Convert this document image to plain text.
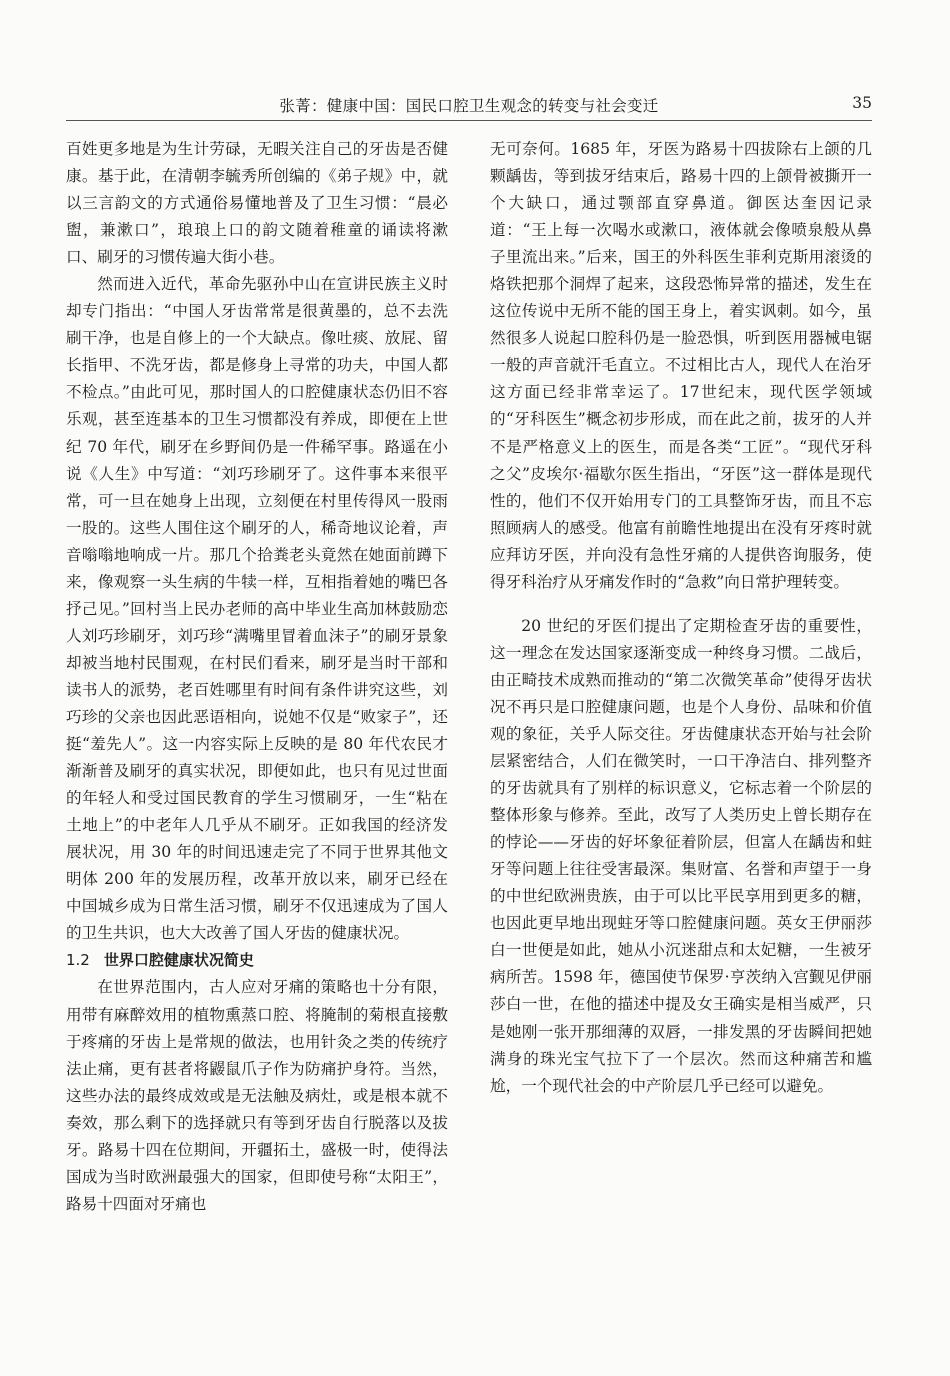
张菁：健康中国：国民口腔卫生观念的转变与社会变迁	35

百姓更多地是为生计劳碌，无暇关注自己的牙齿是否健康。基于此，在清朝李毓秀所创编的《弟子规》中，就以三言韵文的方式通俗易懂地普及了卫生习惯：“晨必盥，兼漱口”，琅琅上口的韵文随着稚童的诵读将漱口、刷牙的习惯传遍大街小巷。

然而进入近代，革命先驱孙中山在宣讲民族主义时却专门指出：“中国人牙齿常常是很黄墨的，总不去洗刷干净，也是自修上的一个大缺点。像吐痰、放屁、留长指甲、不洗牙齿，都是修身上寻常的功夫，中国人都不检点。”由此可见，那时国人的口腔健康状态仍旧不容乐观，甚至连基本的卫生习惯都没有养成，即便在上世纪 70 年代，刷牙在乡野间仍是一件稀罕事。路遥在小说《人生》中写道：“刘巧珍刷牙了。这件事本来很平常，可一旦在她身上出现，立刻便在村里传得风一股雨一股的。这些人围住这个刷牙的人，稀奇地议论着，声音嗡嗡地响成一片。那几个拾粪老头竟然在她面前蹲下来，像观察一头生病的牛犊一样，互相指着她的嘴巴各抒己见。”回村当上民办老师的高中毕业生高加林鼓励恋人刘巧珍刷牙，刘巧珍“满嘴里冒着血沫子”的刷牙景象却被当地村民围观，在村民们看来，刷牙是当时干部和读书人的派势，老百姓哪里有时间有条件讲究这些，刘巧珍的父亲也因此恶语相向，说她不仅是“败家子”，还挺“羞先人”。这一内容实际上反映的是 80 年代农民才渐渐普及刷牙的真实状况，即便如此，也只有见过世面的年轻人和受过国民教育的学生习惯刷牙，一生“粘在土地上”的中老年人几乎从不刷牙。正如我国的经济发展状况，用 30 年的时间迅速走完了不同于世界其他文明体 200 年的发展历程，改革开放以来，刷牙已经在中国城乡成为日常生活习惯，刷牙不仅迅速成为了国人的卫生共识，也大大改善了国人牙齿的健康状况。

1.2 世界口腔健康状况简史

在世界范围内，古人应对牙痛的策略也十分有限，用带有麻醉效用的植物熏蒸口腔、将腌制的菊根直接敷于疼痛的牙齿上是常规的做法，也用针灸之类的传统疗法止痛，更有甚者将鼹鼠爪子作为防痛护身符。当然，这些办法的最终成效或是无法触及病灶，或是根本就不奏效，那么剩下的选择就只有等到牙齿自行脱落以及拔牙。路易十四在位期间，开疆拓土，盛极一时，使得法国成为当时欧洲最强大的国家，但即使号称“太阳王”，路易十四面对牙痛也

无可奈何。1685 年，牙医为路易十四拔除右上颌的几颗龋齿，等到拔牙结束后，路易十四的上颌骨被撕开一个大缺口，通过颚部直穿鼻道。御医达奎因记录道：“王上每一次喝水或漱口，液体就会像喷泉般从鼻子里流出来。”后来，国王的外科医生菲利克斯用滚烫的烙铁把那个洞焊了起来，这段恐怖异常的描述，发生在这位传说中无所不能的国王身上，着实讽刺。如今，虽然很多人说起口腔科仍是一脸恐惧，听到医用器械电锯一般的声音就汗毛直立。不过相比古人，现代人在治牙这方面已经非常幸运了。17世纪末，现代医学领域的“牙科医生”概念初步形成，而在此之前，拔牙的人并不是严格意义上的医生，而是各类“工匠”。“现代牙科之父”皮埃尔·福歇尔医生指出，“牙医”这一群体是现代性的，他们不仅开始用专门的工具整饰牙齿，而且不忘照顾病人的感受。他富有前瞻性地提出在没有牙疼时就应拜访牙医，并向没有急性牙痛的人提供咨询服务，使得牙科治疗从牙痛发作时的“急救”向日常护理转变。

20 世纪的牙医们提出了定期检查牙齿的重要性，这一理念在发达国家逐渐变成一种终身习惯。二战后，由正畸技术成熟而推动的“第二次微笑革命”使得牙齿状况不再只是口腔健康问题，也是个人身份、品味和价值观的象征，关乎人际交往。牙齿健康状态开始与社会阶层紧密结合，人们在微笑时，一口干净洁白、排列整齐的牙齿就具有了别样的标识意义，它标志着一个阶层的整体形象与修养。至此，改写了人类历史上曾长期存在的悖论——牙齿的好坏象征着阶层，但富人在龋齿和蛀牙等问题上往往受害最深。集财富、名誉和声望于一身的中世纪欧洲贵族，由于可以比平民享用到更多的糖，也因此更早地出现蛀牙等口腔健康问题。英女王伊丽莎白一世便是如此，她从小沉迷甜点和太妃糖，一生被牙病所苦。1598 年，德国使节保罗·亨茨纳入宫觐见伊丽莎白一世，在他的描述中提及女王确实是相当威严，只是她刚一张开那细薄的双唇，一排发黑的牙齿瞬间把她满身的珠光宝气拉下了一个层次。然而这种痛苦和尴尬，一个现代社会的中产阶层几乎已经可以避免。
